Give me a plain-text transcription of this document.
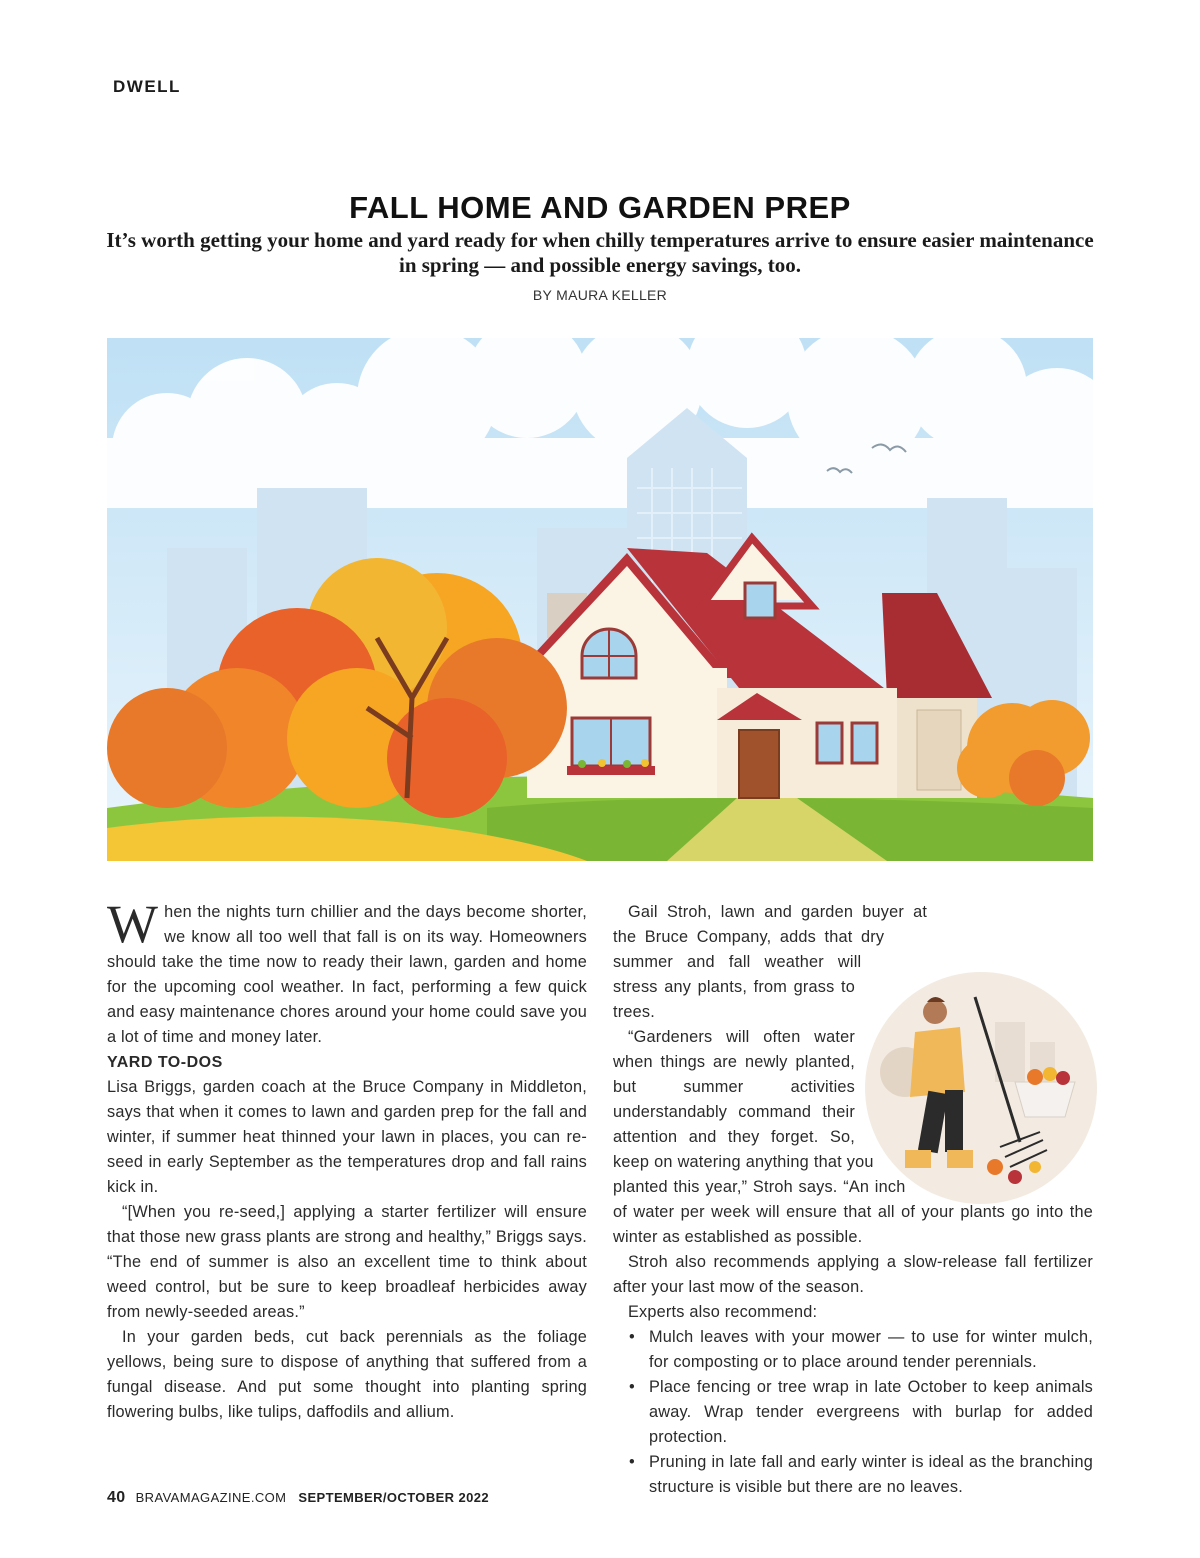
DWELL
FALL HOME AND GARDEN PREP
It’s worth getting your home and yard ready for when chilly temperatures arrive to ensure easier maintenance in spring — and possible energy savings, too.
BY MAURA KELLER

When the nights turn chillier and the days become shorter, we know all too well that fall is on its way. Homeowners should take the time now to ready their lawn, garden and home for the upcoming cool weather. In fact, performing a few quick and easy maintenance chores around your home could save you a lot of time and money later.

YARD TO-DOS

Lisa Briggs, garden coach at the Bruce Company in Middleton, says that when it comes to lawn and garden prep for the fall and winter, if summer heat thinned your lawn in places, you can re-seed in early September as the temperatures drop and fall rains kick in.

“[When you re-seed,] applying a starter fertilizer will ensure that those new grass plants are strong and healthy,” Briggs says. “The end of summer is also an excellent time to think about weed control, but be sure to keep broadleaf herbicides away from newly-seeded areas.”

In your garden beds, cut back perennials as the foliage yellows, being sure to dispose of anything that suffered from a fungal disease. And put some thought into planting spring flowering bulbs, like tulips, daffodils and allium.

Gail Stroh, lawn and garden buyer at the Bruce Company, adds that dry summer and fall weather will stress any plants, from grass to trees.

“Gardeners will often water when things are newly planted, but summer activities understandably command their attention and they forget. So, keep on watering anything that you planted this year,” Stroh says. “An inch of water per week will ensure that all of your plants go into the winter as established as possible.

Stroh also recommends applying a slow-release fall fertilizer after your last mow of the season.

Experts also recommend:

• Mulch leaves with your mower — to use for winter mulch, for composting or to place around tender perennials.
• Place fencing or tree wrap in late October to keep animals away. Wrap tender evergreens with burlap for added protection.
• Pruning in late fall and early winter is ideal as the branching structure is visible but there are no leaves.
40 BRAVAMAGAZINE.COM SEPTEMBER/OCTOBER 2022
